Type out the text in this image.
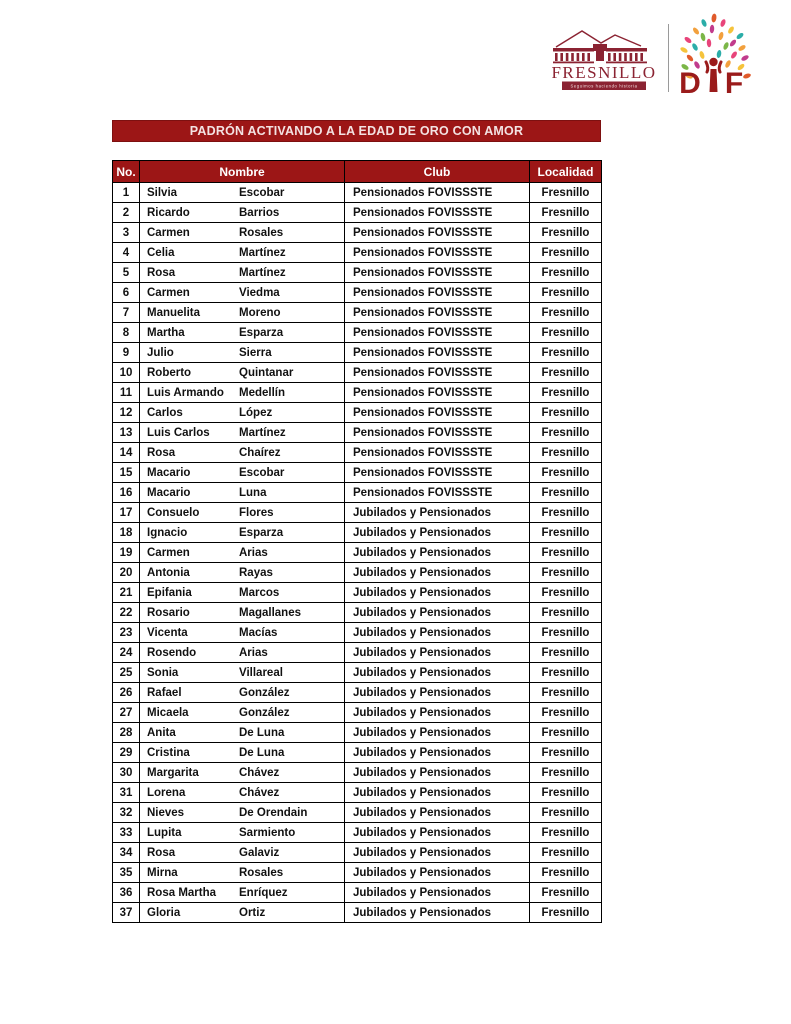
FRESNILLO
Seguimos haciendo historia D F
PADRÓN ACTIVANDO A LA EDAD DE ORO CON AMOR
No.	Nombre	Club	Localidad
1	Silvia Escobar	Pensionados FOVISSSTE	Fresnillo
2	Ricardo Barrios	Pensionados FOVISSSTE	Fresnillo
3	Carmen Rosales	Pensionados FOVISSSTE	Fresnillo
4	Celia Martínez	Pensionados FOVISSSTE	Fresnillo
5	Rosa Martínez	Pensionados FOVISSSTE	Fresnillo
6	Carmen Viedma	Pensionados FOVISSSTE	Fresnillo
7	Manuelita Moreno	Pensionados FOVISSSTE	Fresnillo
8	Martha Esparza	Pensionados FOVISSSTE	Fresnillo
9	Julio Sierra	Pensionados FOVISSSTE	Fresnillo
10	Roberto Quintanar	Pensionados FOVISSSTE	Fresnillo
11	Luis Armando Medellín	Pensionados FOVISSSTE	Fresnillo
12	Carlos López	Pensionados FOVISSSTE	Fresnillo
13	Luis Carlos Martínez	Pensionados FOVISSSTE	Fresnillo
14	Rosa Chaírez	Pensionados FOVISSSTE	Fresnillo
15	Macario Escobar	Pensionados FOVISSSTE	Fresnillo
16	Macario Luna	Pensionados FOVISSSTE	Fresnillo
17	Consuelo Flores	Jubilados y Pensionados	Fresnillo
18	Ignacio Esparza	Jubilados y Pensionados	Fresnillo
19	Carmen Arias	Jubilados y Pensionados	Fresnillo
20	Antonia Rayas	Jubilados y Pensionados	Fresnillo
21	Epifania Marcos	Jubilados y Pensionados	Fresnillo
22	Rosario Magallanes	Jubilados y Pensionados	Fresnillo
23	Vicenta Macías	Jubilados y Pensionados	Fresnillo
24	Rosendo Arias	Jubilados y Pensionados	Fresnillo
25	Sonia Villareal	Jubilados y Pensionados	Fresnillo
26	Rafael González	Jubilados y Pensionados	Fresnillo
27	Micaela González	Jubilados y Pensionados	Fresnillo
28	Anita De Luna	Jubilados y Pensionados	Fresnillo
29	Cristina De Luna	Jubilados y Pensionados	Fresnillo
30	Margarita Chávez	Jubilados y Pensionados	Fresnillo
31	Lorena Chávez	Jubilados y Pensionados	Fresnillo
32	Nieves De Orendain	Jubilados y Pensionados	Fresnillo
33	Lupita Sarmiento	Jubilados y Pensionados	Fresnillo
34	Rosa Galaviz	Jubilados y Pensionados	Fresnillo
35	Mirna Rosales	Jubilados y Pensionados	Fresnillo
36	Rosa Martha Enríquez	Jubilados y Pensionados	Fresnillo
37	Gloria Ortiz	Jubilados y Pensionados	Fresnillo
